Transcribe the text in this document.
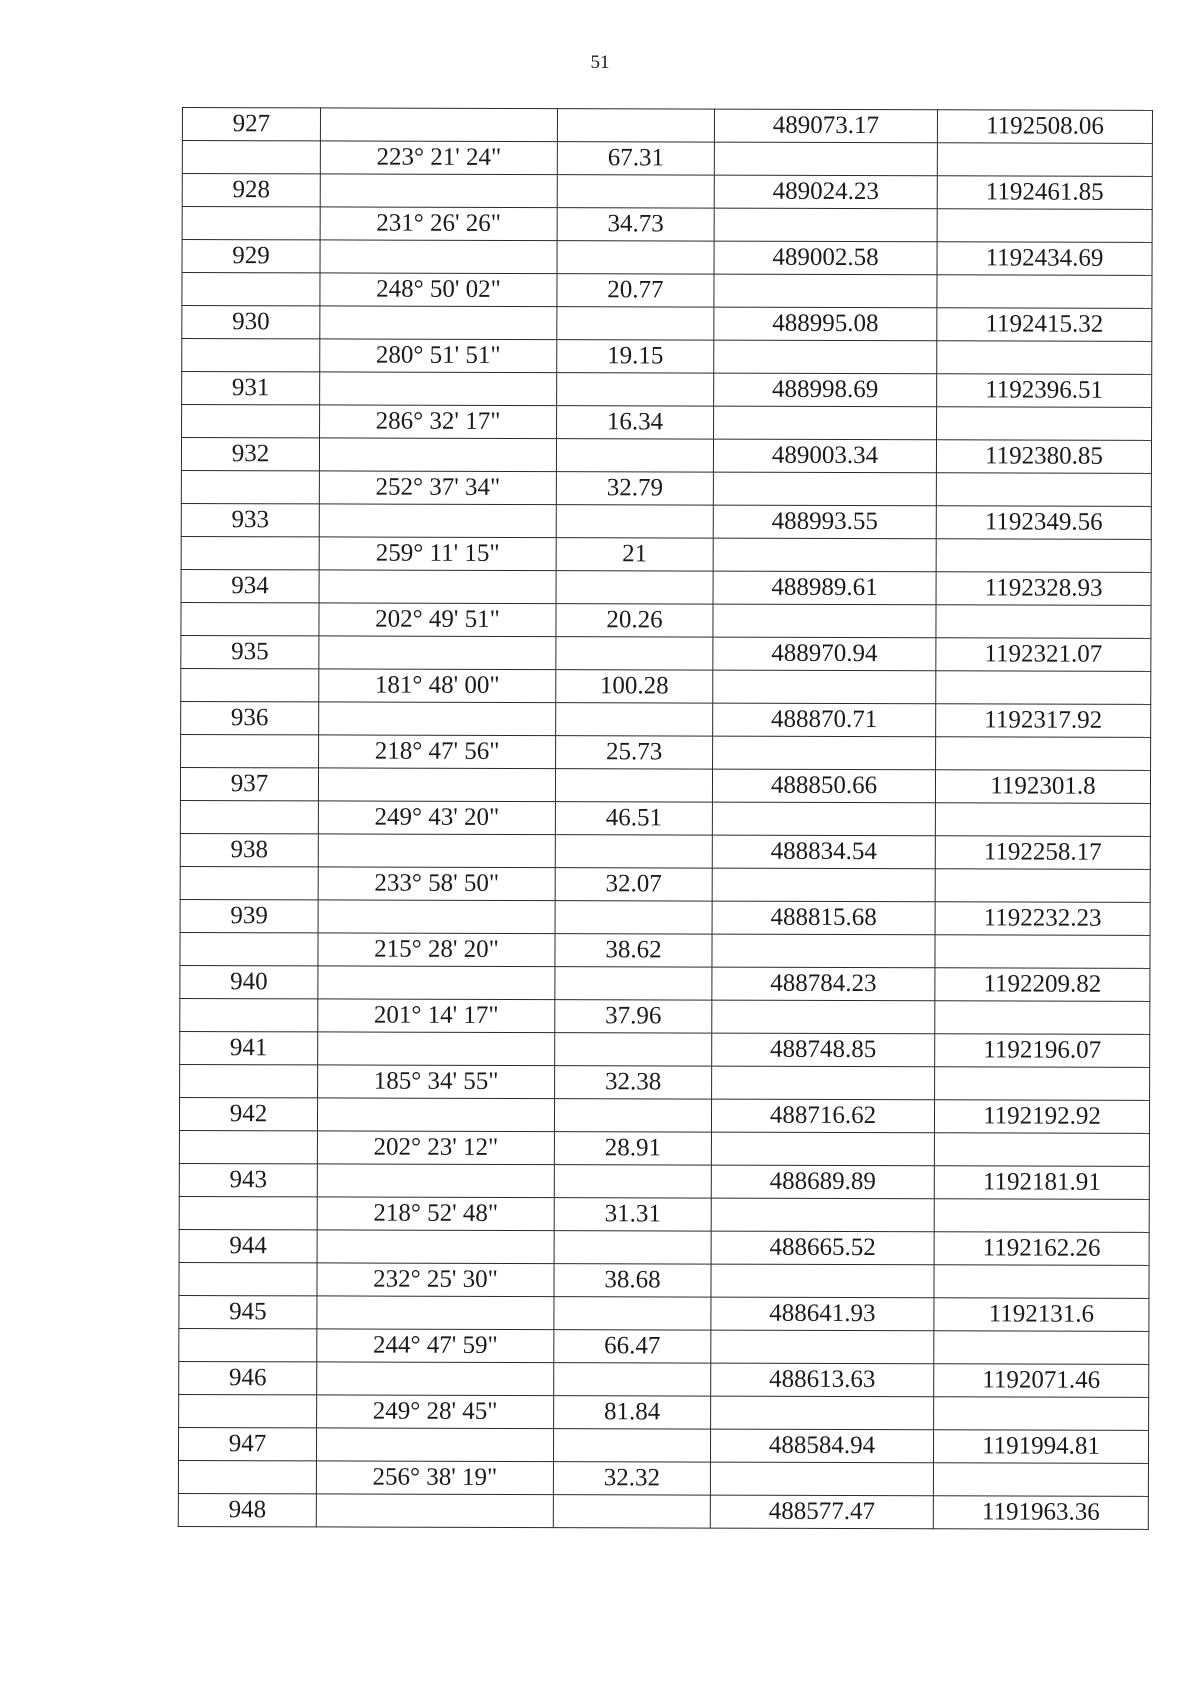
51
927			489073.17	1192508.06
	223° 21' 24"	67.31		
928			489024.23	1192461.85
	231° 26' 26"	34.73		
929			489002.58	1192434.69
	248° 50' 02"	20.77		
930			488995.08	1192415.32
	280° 51' 51"	19.15		
931			488998.69	1192396.51
	286° 32' 17"	16.34		
932			489003.34	1192380.85
	252° 37' 34"	32.79		
933			488993.55	1192349.56
	259° 11' 15"	21		
934			488989.61	1192328.93
	202° 49' 51"	20.26		
935			488970.94	1192321.07
	181° 48' 00"	100.28		
936			488870.71	1192317.92
	218° 47' 56"	25.73		
937			488850.66	1192301.8
	249° 43' 20"	46.51		
938			488834.54	1192258.17
	233° 58' 50"	32.07		
939			488815.68	1192232.23
	215° 28' 20"	38.62		
940			488784.23	1192209.82
	201° 14' 17"	37.96		
941			488748.85	1192196.07
	185° 34' 55"	32.38		
942			488716.62	1192192.92
	202° 23' 12"	28.91		
943			488689.89	1192181.91
	218° 52' 48"	31.31		
944			488665.52	1192162.26
	232° 25' 30"	38.68		
945			488641.93	1192131.6
	244° 47' 59"	66.47		
946			488613.63	1192071.46
	249° 28' 45"	81.84		
947			488584.94	1191994.81
	256° 38' 19"	32.32		
948			488577.47	1191963.36
